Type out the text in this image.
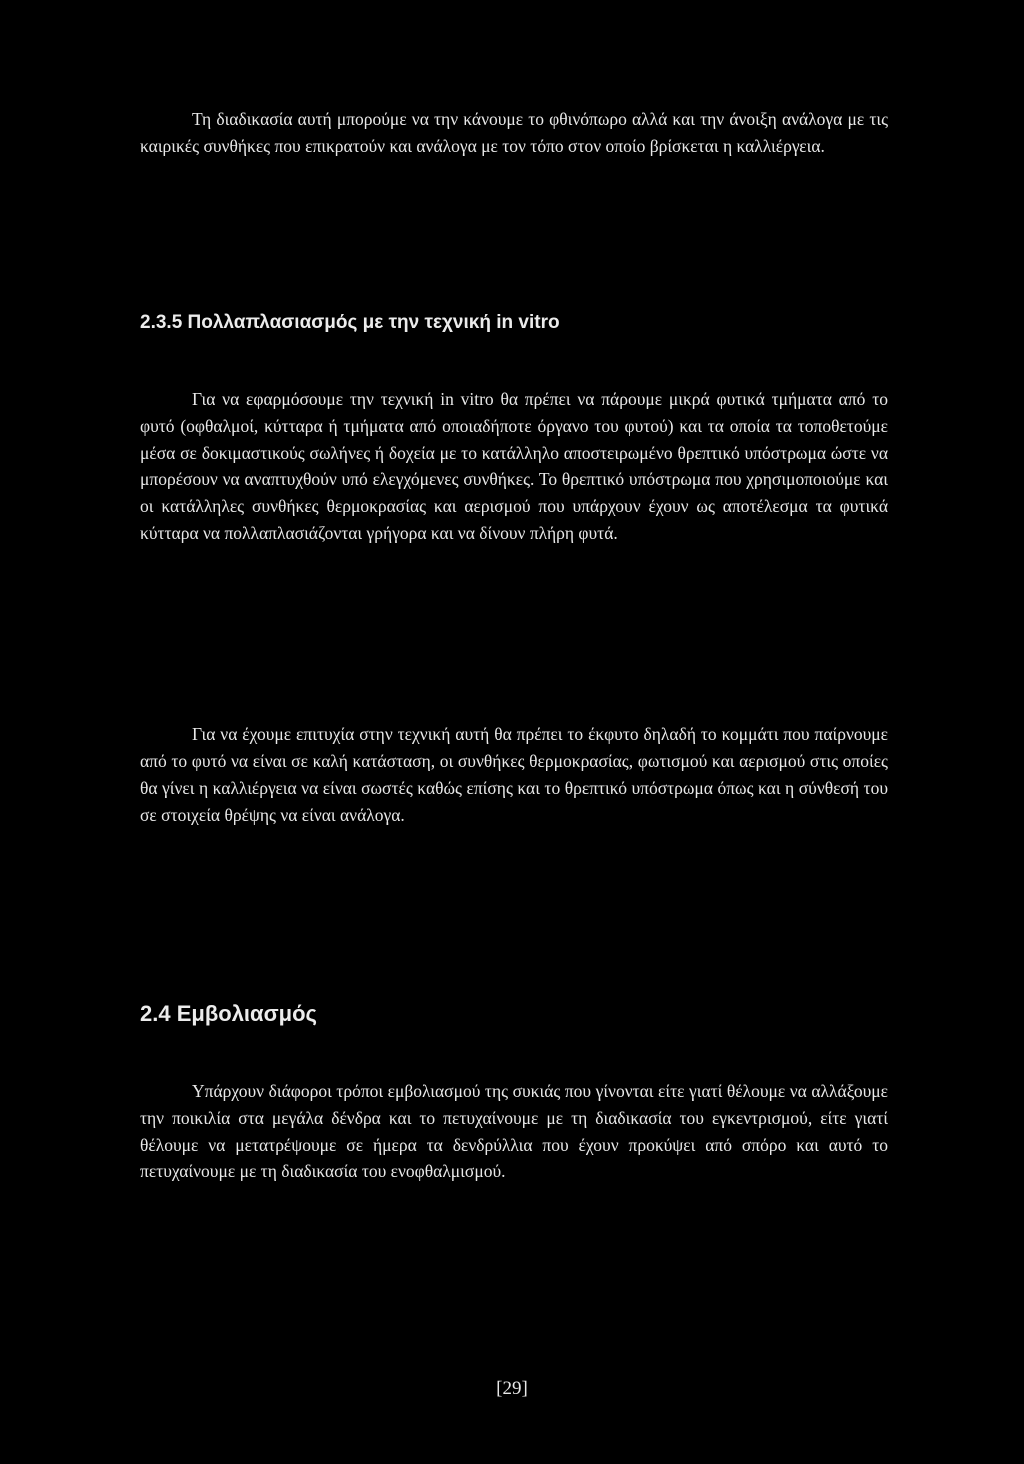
Τη διαδικασία αυτή μπορούμε να την κάνουμε το φθινόπωρο αλλά και την άνοιξη ανάλογα με τις καιρικές συνθήκες που επικρατούν και ανάλογα με τον τόπο στον οποίο βρίσκεται η καλλιέργεια.

2.3.5 Πολλαπλασιασμός με την τεχνική in vitro

Για να εφαρμόσουμε την τεχνική in vitro θα πρέπει να πάρουμε μικρά φυτικά τμήματα από το φυτό (οφθαλμοί, κύτταρα ή τμήματα από οποιαδήποτε όργανο του φυτού) και τα οποία τα τοποθετούμε μέσα σε δοκιμαστικούς σωλήνες ή δοχεία με το κατάλληλο αποστειρωμένο θρεπτικό υπόστρωμα ώστε να μπορέσουν να αναπτυχθούν υπό ελεγχόμενες συνθήκες. Το θρεπτικό υπόστρωμα που χρησιμοποιούμε και οι κατάλληλες συνθήκες θερμοκρασίας και αερισμού που υπάρχουν έχουν ως αποτέλεσμα τα φυτικά κύτταρα να πολλαπλασιάζονται γρήγορα και να δίνουν πλήρη φυτά.

Για να έχουμε επιτυχία στην τεχνική αυτή θα πρέπει το έκφυτο δηλαδή το κομμάτι που παίρνουμε από το φυτό να είναι σε καλή κατάσταση, οι συνθήκες θερμοκρασίας, φωτισμού και αερισμού στις οποίες θα γίνει η καλλιέργεια να είναι σωστές καθώς επίσης και το θρεπτικό υπόστρωμα όπως και η σύνθεσή του σε στοιχεία θρέψης να είναι ανάλογα.

2.4 Εμβολιασμός

Υπάρχουν διάφοροι τρόποι εμβολιασμού της συκιάς που γίνονται είτε γιατί θέλουμε να αλλάξουμε την ποικιλία στα μεγάλα δένδρα και το πετυχαίνουμε με τη διαδικασία του εγκεντρισμού, είτε γιατί θέλουμε να μετατρέψουμε σε ήμερα τα δενδρύλλια που έχουν προκύψει από σπόρο και αυτό το πετυχαίνουμε με τη διαδικασία του ενοφθαλμισμού.

[29]
